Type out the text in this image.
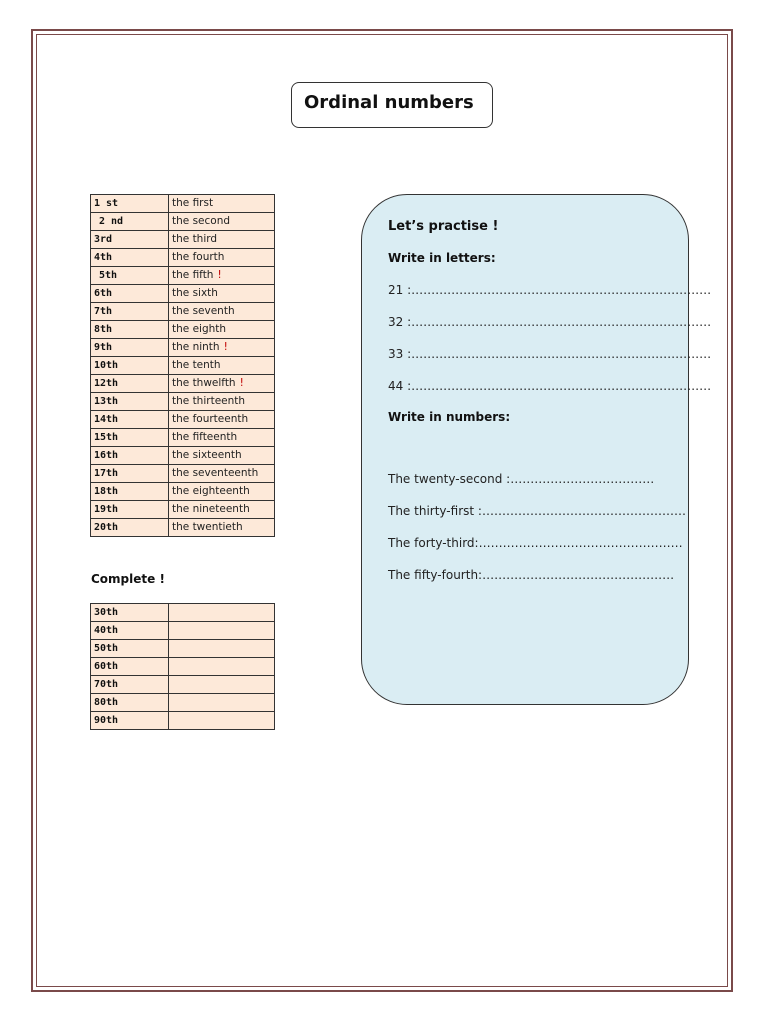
Ordinal numbers
1 st	the first
2 nd	the second
3rd	the third
4th	the fourth
5th	the fifth !
6th	the sixth
7th	the seventh
8th	the eighth
9th	the ninth !
10th	the tenth
12th	the thwelfth !
13th	the thirteenth
14th	the fourteenth
15th	the fifteenth
16th	the sixteenth
17th	the seventeenth
18th	the eighteenth
19th	the nineteenth
20th	the twentieth
Complete !
30th	
40th	
50th	
60th	
70th	
80th	
90th	
Let’s practise !
Write in letters:
21 :…………………………………………………………………
32 :…………………………………………………………………
33 :…………………………………………………………………
44 :…………………………………………………………………
Write in numbers:
The twenty-second :………………………………
The thirty-first :……………………………………………
The forty-third:……………………………………………
The fifty-fourth:…………………………………………
